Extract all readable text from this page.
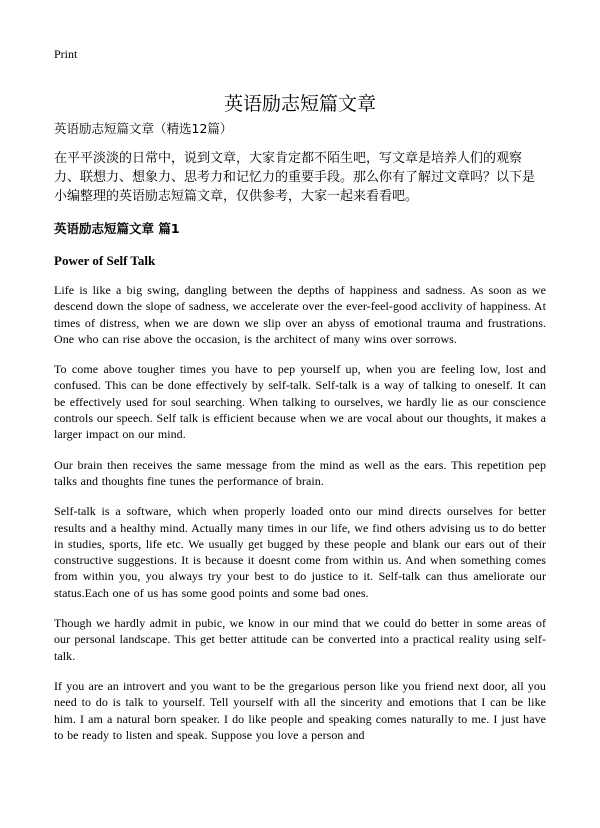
Print
英语励志短篇文章

英语励志短篇文章（精选12篇）

在平平淡淡的日常中，说到文章，大家肯定都不陌生吧，写文章是培养人们的观察力、联想力、想象力、思考力和记忆力的重要手段。那么你有了解过文章吗？以下是小编整理的英语励志短篇文章，仅供参考，大家一起来看看吧。

英语励志短篇文章 篇1
Power of Self Talk

Life is like a big swing, dangling between the depths of happiness and sadness. As soon as we descend down the slope of sadness, we accelerate over the ever-feel-good acclivity of happiness. At times of distress, when we are down we slip over an abyss of emotional trauma and frustrations. One who can rise above the occasion, is the architect of many wins over sorrows.

To come above tougher times you have to pep yourself up, when you are feeling low, lost and confused. This can be done effectively by self-talk. Self-talk is a way of talking to oneself. It can be effectively used for soul searching. When talking to ourselves, we hardly lie as our conscience controls our speech. Self talk is efficient because when we are vocal about our thoughts, it makes a larger impact on our mind.

Our brain then receives the same message from the mind as well as the ears. This repetition pep talks and thoughts fine tunes the performance of brain.

Self-talk is a software, which when properly loaded onto our mind directs ourselves for better results and a healthy mind. Actually many times in our life, we find others advising us to do better in studies, sports, life etc. We usually get bugged by these people and blank our ears out of their constructive suggestions. It is because it doesnt come from within us. And when something comes from within you, you always try your best to do justice to it. Self-talk can thus ameliorate our status.Each one of us has some good points and some bad ones.

Though we hardly admit in pubic, we know in our mind that we could do better in some areas of our personal landscape. This get better attitude can be converted into a practical reality using self-talk.

If you are an introvert and you want to be the gregarious person like you friend next door, all you need to do is talk to yourself. Tell yourself with all the sincerity and emotions that I can be like him. I am a natural born speaker. I do like people and speaking comes naturally to me. I just have to be ready to listen and speak. Suppose you love a person and
